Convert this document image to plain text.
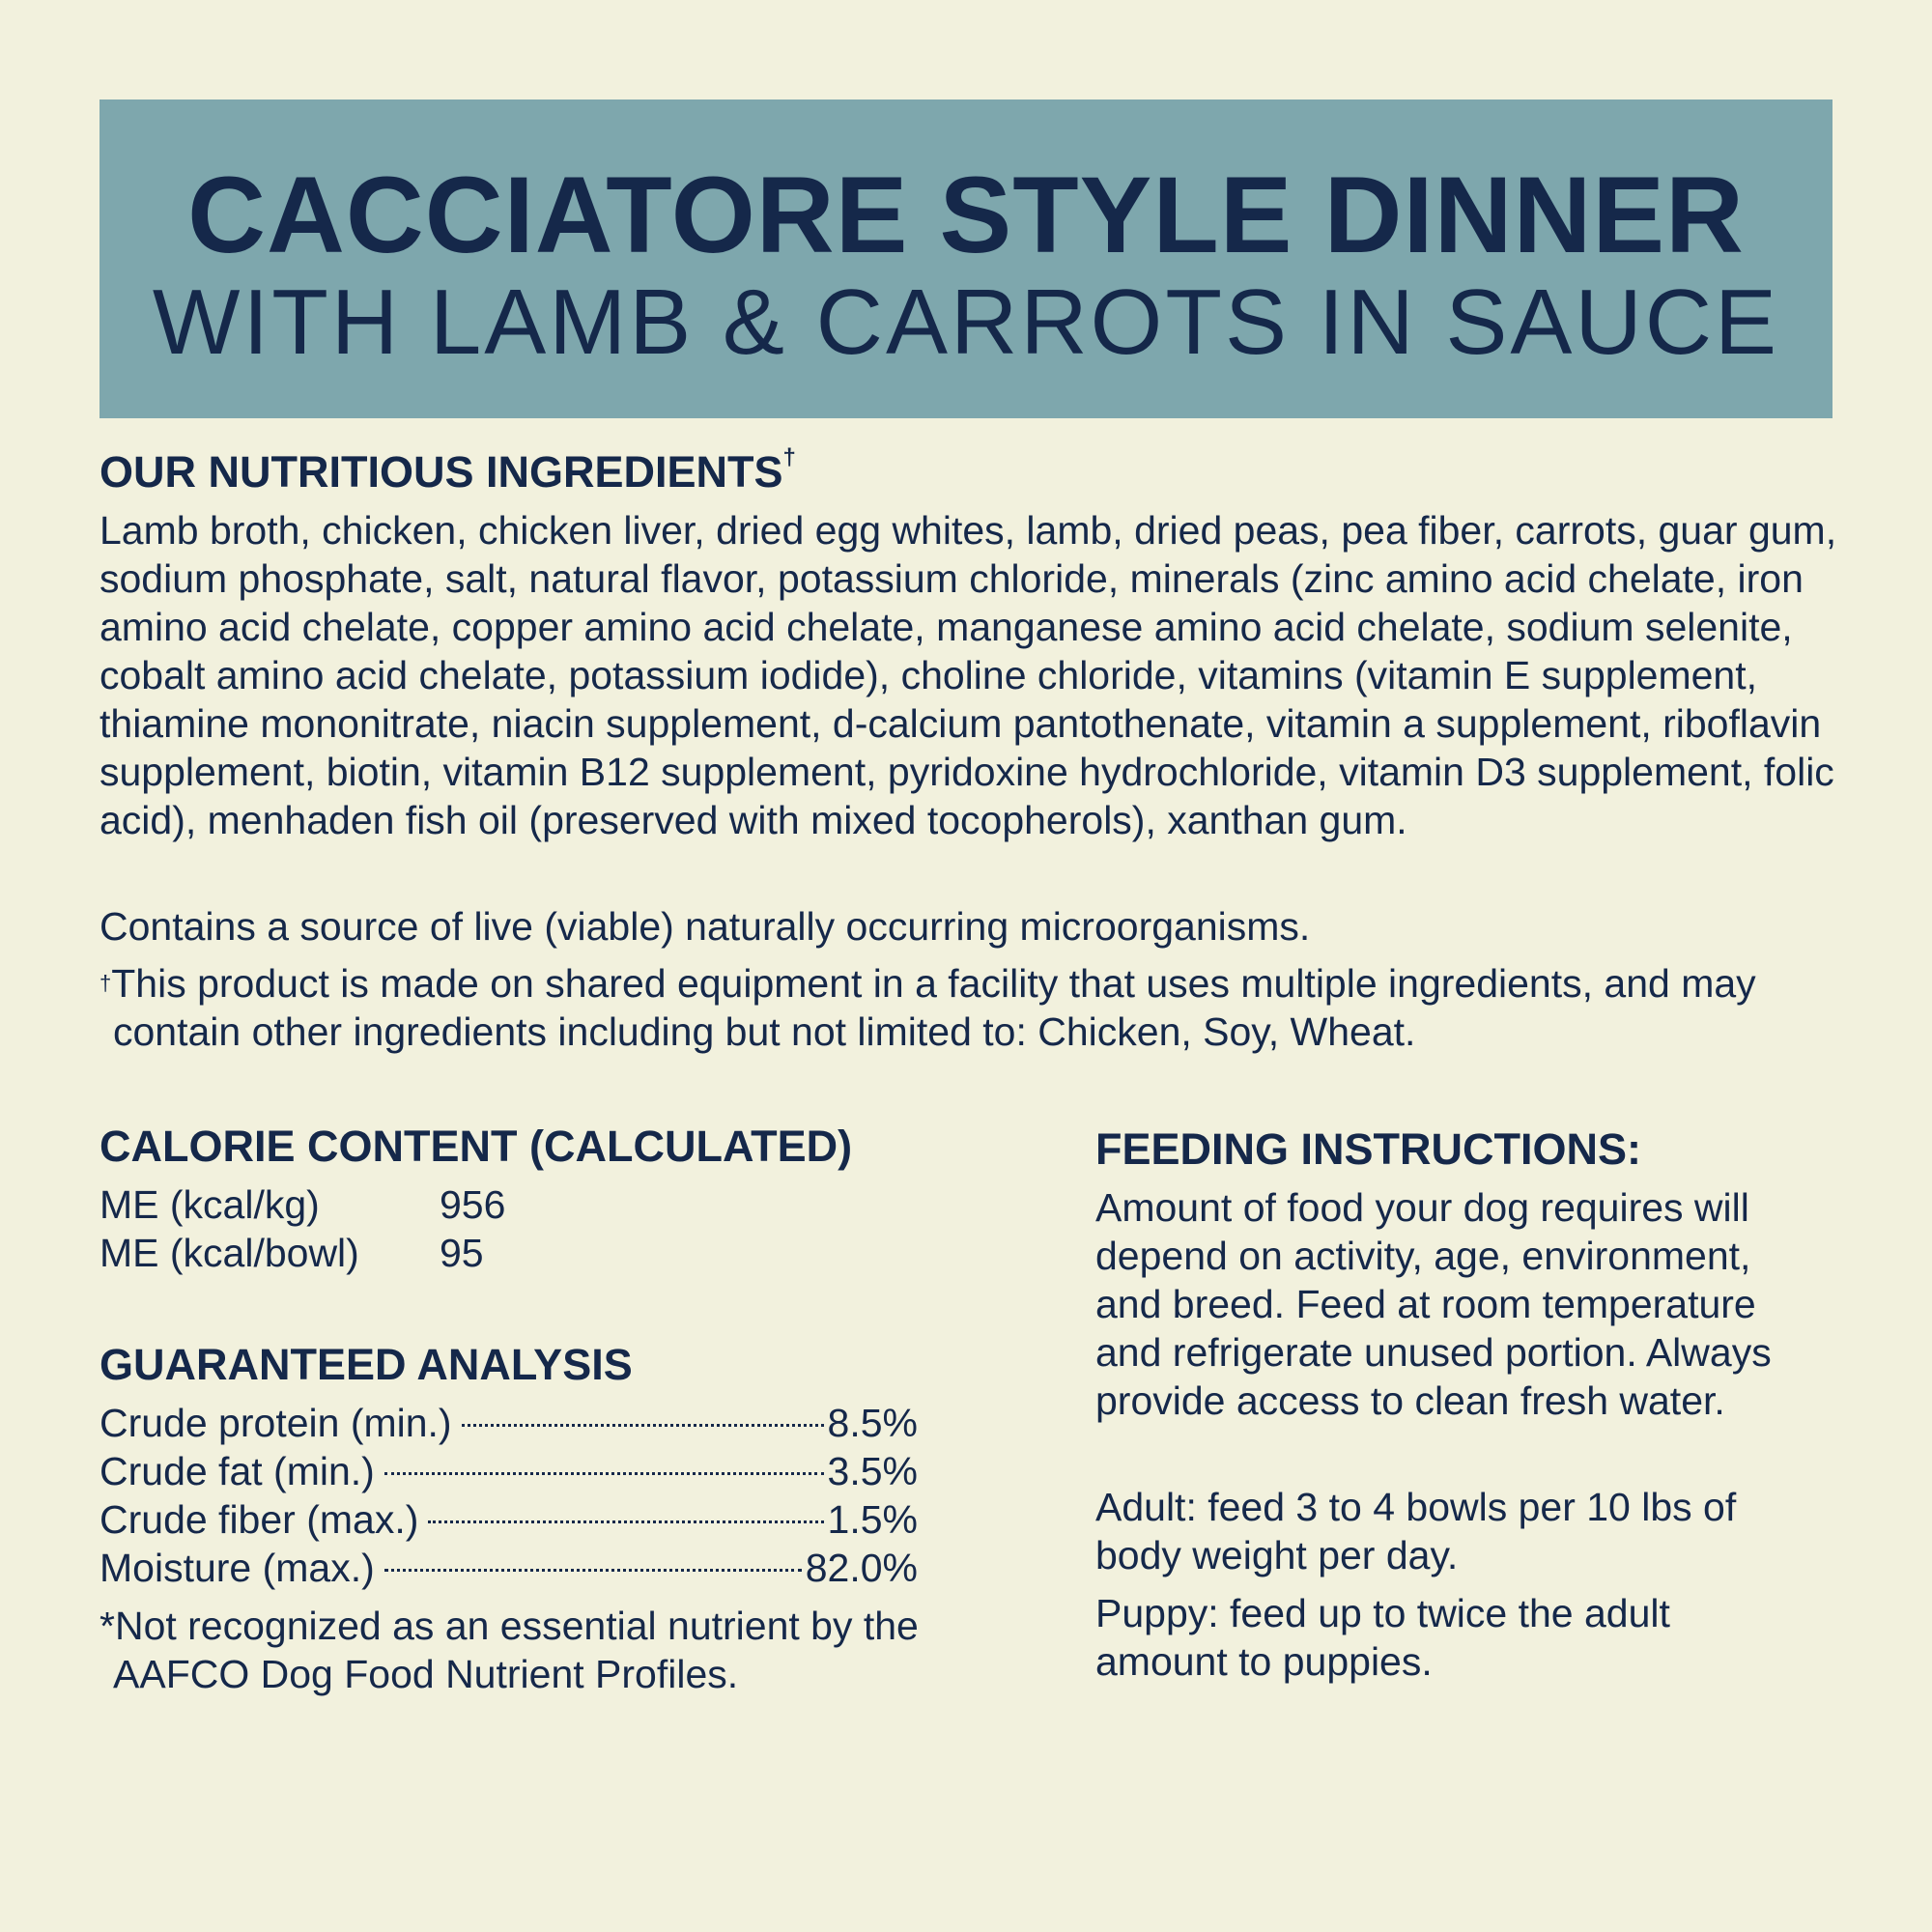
CACCIATORE STYLE DINNER
WITH LAMB & CARROTS IN SAUCE
OUR NUTRITIOUS INGREDIENTS†

Lamb broth, chicken, chicken liver, dried egg whites, lamb, dried peas, pea fiber, carrots, guar gum, sodium phosphate, salt, natural flavor, potassium chloride, minerals (zinc amino acid chelate, iron amino acid chelate, copper amino acid chelate, manganese amino acid chelate, sodium selenite, cobalt amino acid chelate, potassium iodide), choline chloride, vitamins (vitamin E supplement, thiamine mononitrate, niacin supplement, d-calcium pantothenate, vitamin a supplement, riboflavin supplement, biotin, vitamin B12 supplement, pyridoxine hydrochloride, vitamin D3 supplement, folic acid), menhaden fish oil (preserved with mixed tocopherols), xanthan gum.

Contains a source of live (viable) naturally occurring microorganisms.

†This product is made on shared equipment in a facility that uses multiple ingredients, and may contain other ingredients including but not limited to: Chicken, Soy, Wheat.

CALORIE CONTENT (CALCULATED)
ME (kcal/kg)	956
ME (kcal/bowl)	95
GUARANTEED ANALYSIS
Crude protein (min.)	8.5%
Crude fat (min.)	3.5%
Crude fiber (max.)	1.5%
Moisture (max.)	82.0%

*Not recognized as an essential nutrient by the AAFCO Dog Food Nutrient Profiles.

FEEDING INSTRUCTIONS:

Amount of food your dog requires will depend on activity, age, environment, and breed. Feed at room temperature and refrigerate unused portion. Always provide access to clean fresh water.

Adult: feed 3 to 4 bowls per 10 lbs of body weight per day.

Puppy: feed up to twice the adult amount to puppies.
